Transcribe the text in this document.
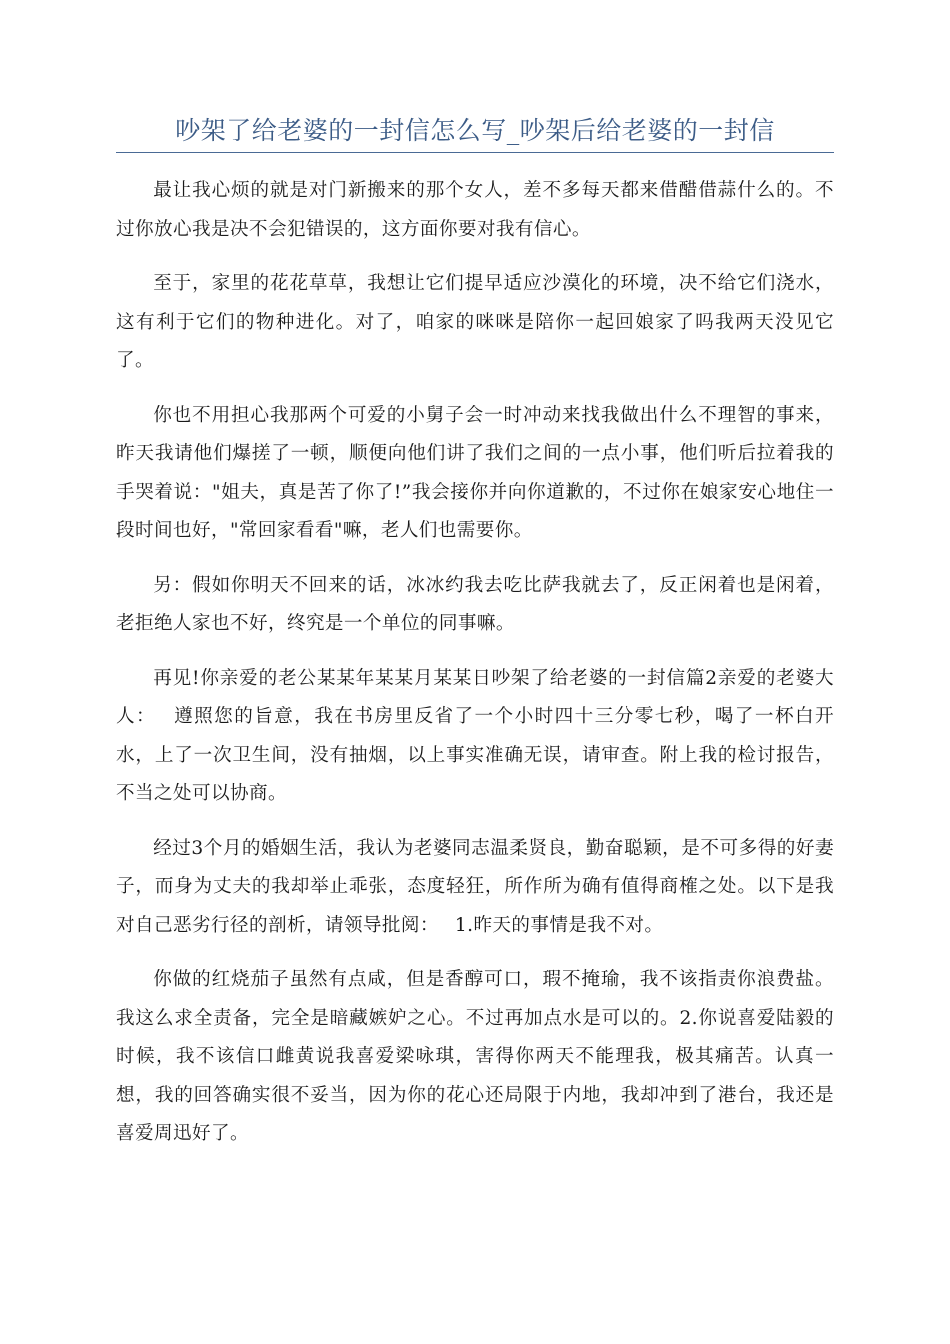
吵架了给老婆的一封信怎么写_吵架后给老婆的一封信

最让我心烦的就是对门新搬来的那个女人，差不多每天都来借醋借蒜什么的。不过你放心我是决不会犯错误的，这方面你要对我有信心。

至于，家里的花花草草，我想让它们提早适应沙漠化的环境，决不给它们浇水，这有利于它们的物种进化。对了，咱家的咪咪是陪你一起回娘家了吗我两天没见它了。

你也不用担心我那两个可爱的小舅子会一时冲动来找我做出什么不理智的事来，昨天我请他们爆搓了一顿，顺便向他们讲了我们之间的一点小事，他们听后拉着我的手哭着说："姐夫，真是苦了你了!”我会接你并向你道歉的，不过你在娘家安心地住一段时间也好，"常回家看看"嘛，老人们也需要你。

另：假如你明天不回来的话，冰冰约我去吃比萨我就去了，反正闲着也是闲着，老拒绝人家也不好，终究是一个单位的同事嘛。

再见!你亲爱的老公某某年某某月某某日吵架了给老婆的一封信篇2亲爱的老婆大人：　 遵照您的旨意，我在书房里反省了一个小时四十三分零七秒，喝了一杯白开水，上了一次卫生间，没有抽烟，以上事实准确无误，请审查。附上我的检讨报告，不当之处可以协商。

经过3个月的婚姻生活，我认为老婆同志温柔贤良，勤奋聪颖，是不可多得的好妻子，而身为丈夫的我却举止乖张，态度轻狂，所作所为确有值得商榷之处。以下是我对自己恶劣行径的剖析，请领导批阅：　 1.昨天的事情是我不对。

你做的红烧茄子虽然有点咸，但是香醇可口，瑕不掩瑜，我不该指责你浪费盐。我这么求全责备，完全是暗藏嫉妒之心。不过再加点水是可以的。2.你说喜爱陆毅的时候，我不该信口雌黄说我喜爱梁咏琪，害得你两天不能理我，极其痛苦。认真一想，我的回答确实很不妥当，因为你的花心还局限于内地，我却冲到了港台，我还是喜爱周迅好了。
